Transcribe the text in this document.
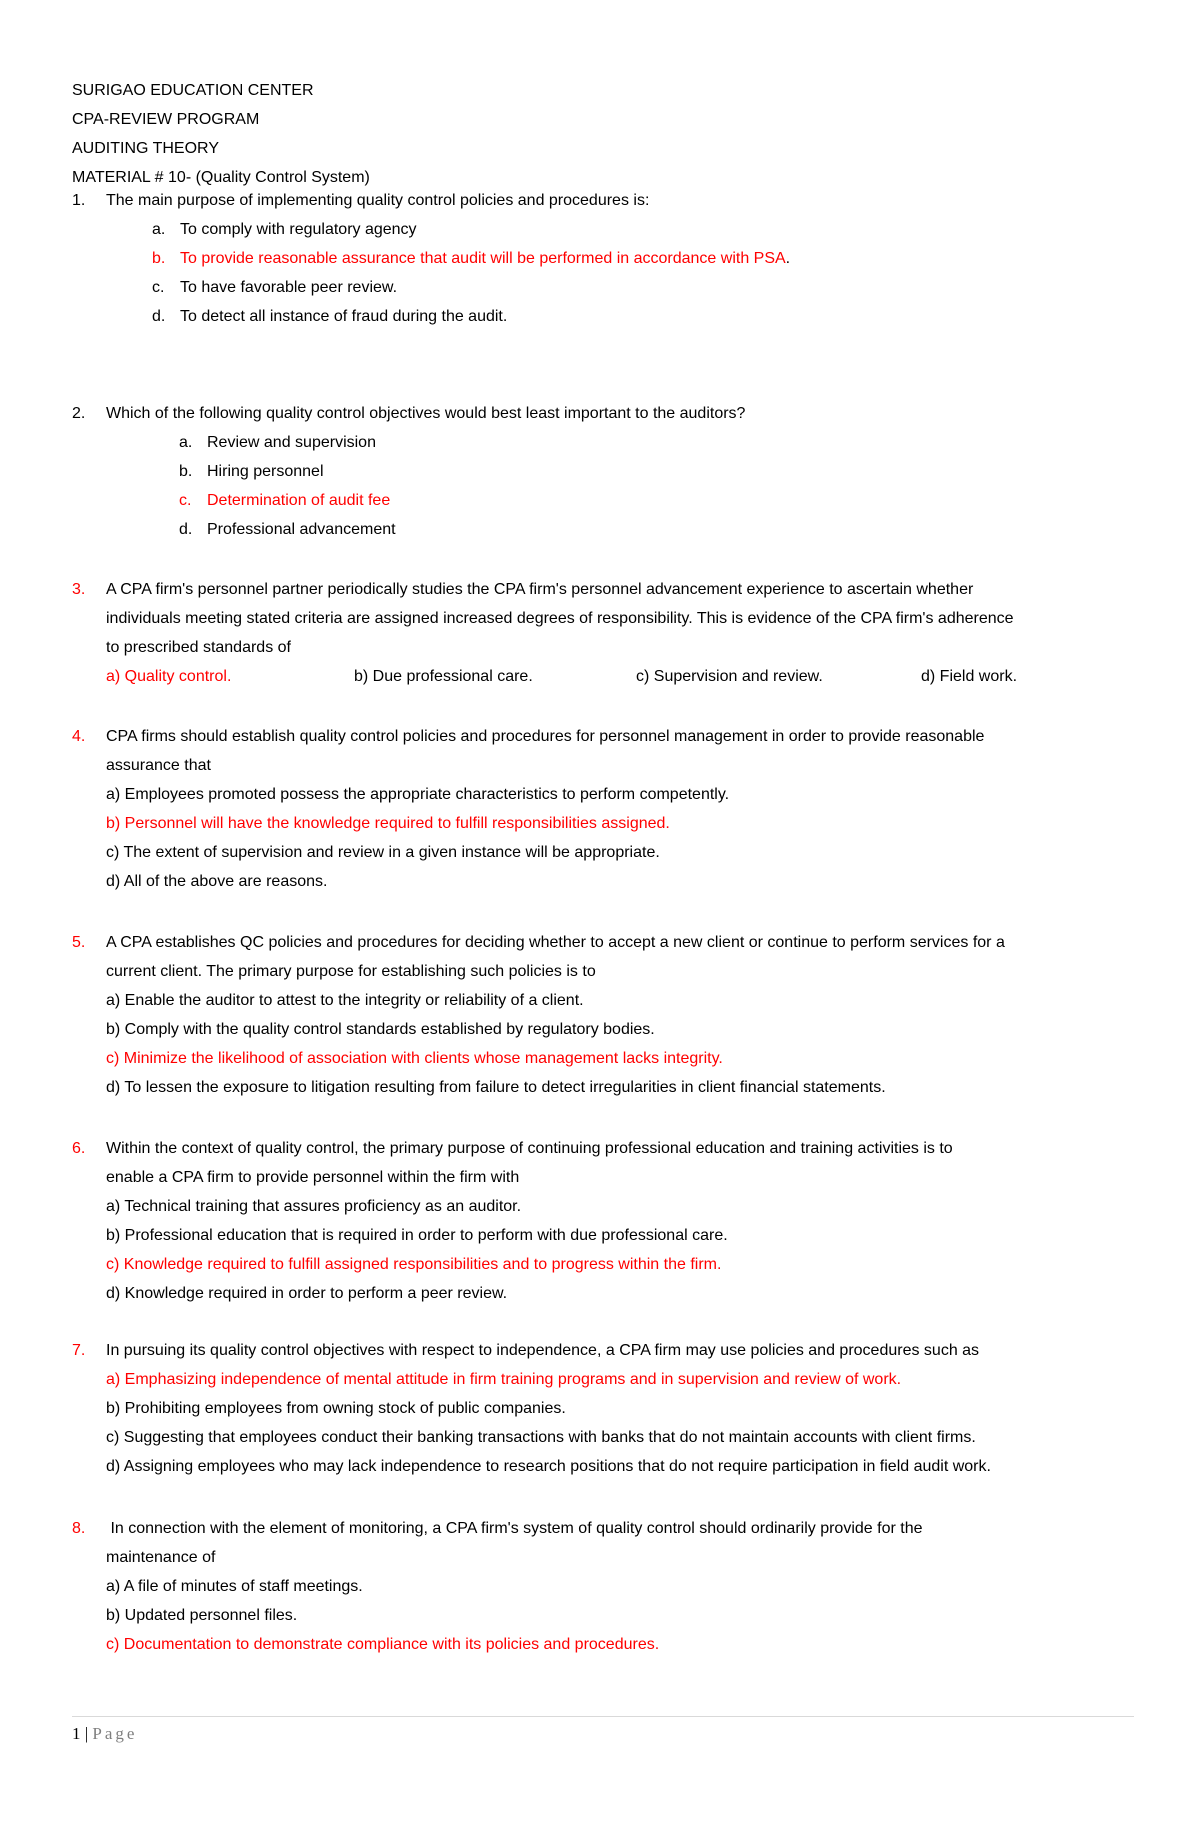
SURIGAO EDUCATION CENTER
CPA-REVIEW PROGRAM
AUDITING THEORY
MATERIAL # 10- (Quality Control System)
1. The main purpose of implementing quality control policies and procedures is:
a. To comply with regulatory agency
b. To provide reasonable assurance that audit will be performed in accordance with PSA.
c. To have favorable peer review.
d. To detect all instance of fraud during the audit.
2. Which of the following quality control objectives would best least important to the auditors?
a. Review and supervision
b. Hiring personnel
c. Determination of audit fee
d. Professional advancement
3. A CPA firm's personnel partner periodically studies the CPA firm's personnel advancement experience to ascertain whether
individuals meeting stated criteria are assigned increased degrees of responsibility. This is evidence of the CPA firm's adherence
to prescribed standards of
a) Quality control.	b) Due professional care.	c) Supervision and review.	d) Field work.
4. CPA firms should establish quality control policies and procedures for personnel management in order to provide reasonable
assurance that
a) Employees promoted possess the appropriate characteristics to perform competently.
b) Personnel will have the knowledge required to fulfill responsibilities assigned.
c) The extent of supervision and review in a given instance will be appropriate.
d) All of the above are reasons.
5. A CPA establishes QC policies and procedures for deciding whether to accept a new client or continue to perform services for a
current client. The primary purpose for establishing such policies is to
a) Enable the auditor to attest to the integrity or reliability of a client.
b) Comply with the quality control standards established by regulatory bodies.
c) Minimize the likelihood of association with clients whose management lacks integrity.
d) To lessen the exposure to litigation resulting from failure to detect irregularities in client financial statements.
6. Within the context of quality control, the primary purpose of continuing professional education and training activities is to
enable a CPA firm to provide personnel within the firm with
a) Technical training that assures proficiency as an auditor.
b) Professional education that is required in order to perform with due professional care.
c) Knowledge required to fulfill assigned responsibilities and to progress within the firm.
d) Knowledge required in order to perform a peer review.
7. In pursuing its quality control objectives with respect to independence, a CPA firm may use policies and procedures such as
a) Emphasizing independence of mental attitude in firm training programs and in supervision and review of work.
b) Prohibiting employees from owning stock of public companies.
c) Suggesting that employees conduct their banking transactions with banks that do not maintain accounts with client firms.
d) Assigning employees who may lack independence to research positions that do not require participation in field audit work.
8. In connection with the element of monitoring, a CPA firm's system of quality control should ordinarily provide for the
maintenance of
a) A file of minutes of staff meetings.
b) Updated personnel files.
c) Documentation to demonstrate compliance with its policies and procedures.
1 | Page
